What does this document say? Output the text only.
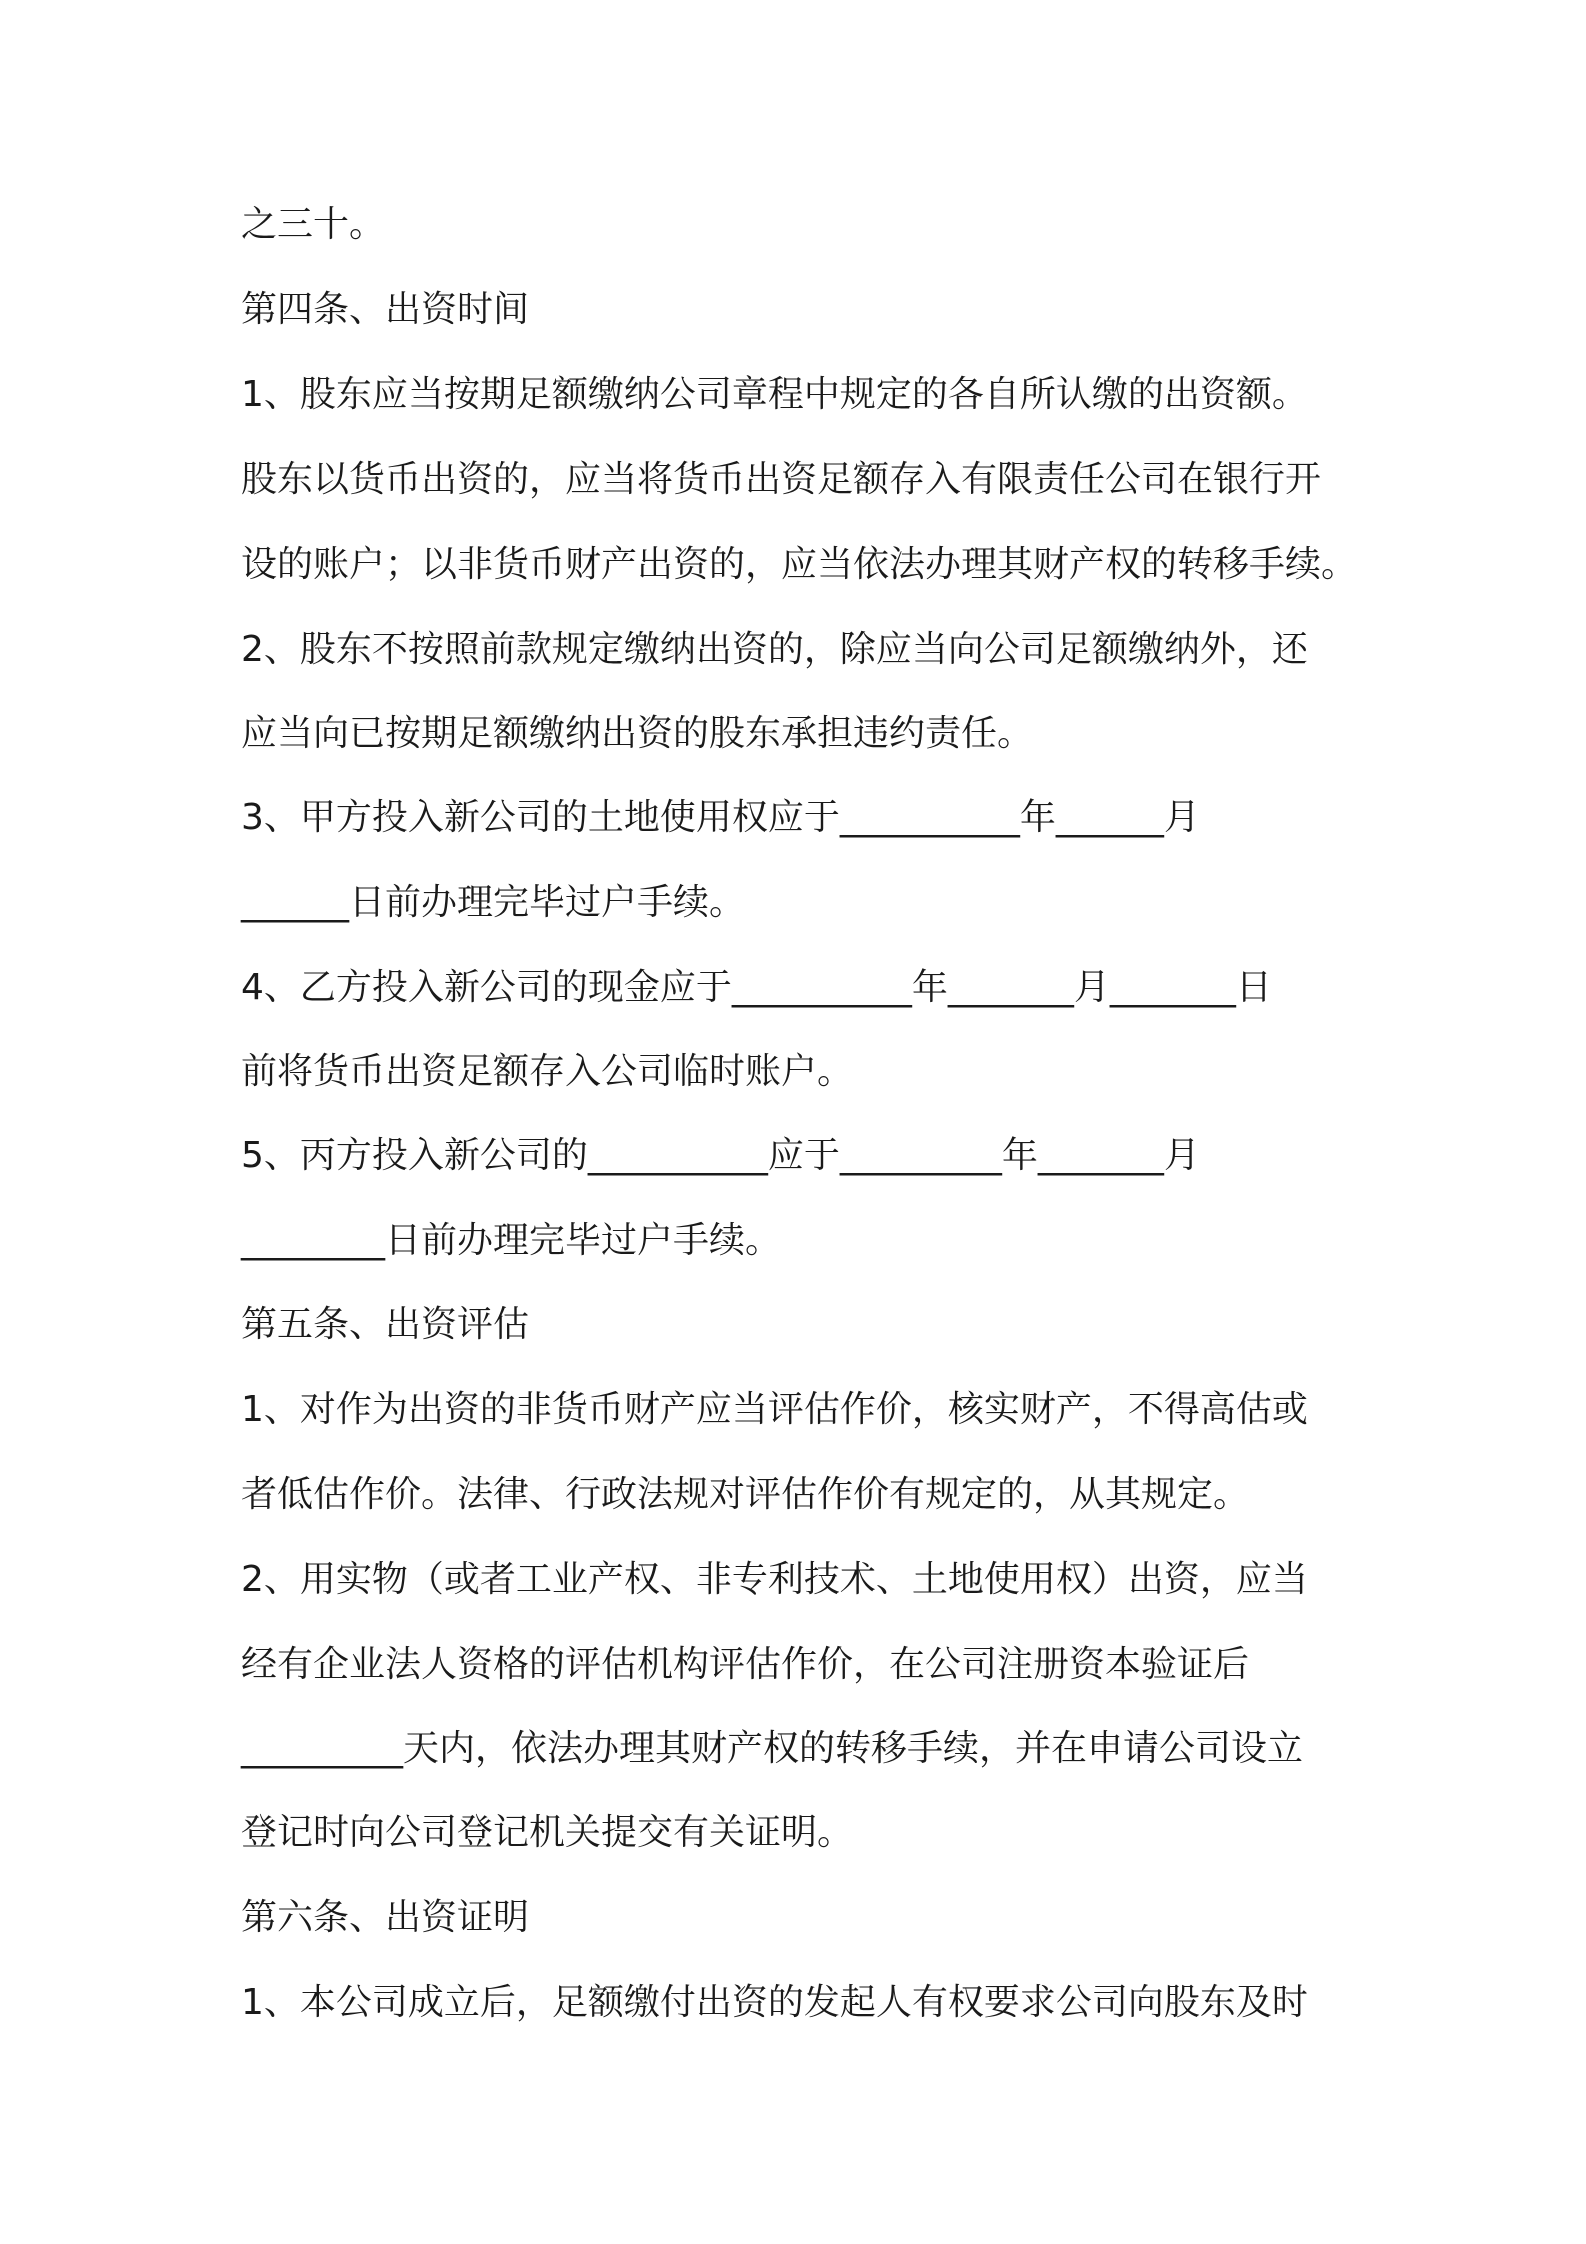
之三十。
第四条、出资时间
1、股东应当按期足额缴纳公司章程中规定的各自所认缴的出资额。
股东以货币出资的，应当将货币出资足额存入有限责任公司在银行开
设的账户；以非货币财产出资的，应当依法办理其财产权的转移手续。
2、股东不按照前款规定缴纳出资的，除应当向公司足额缴纳外，还
应当向已按期足额缴纳出资的股东承担违约责任。
3、甲方投入新公司的土地使用权应于__________年______月
______日前办理完毕过户手续。
4、乙方投入新公司的现金应于__________年_______月_______日
前将货币出资足额存入公司临时账户。
5、丙方投入新公司的__________应于_________年_______月
________日前办理完毕过户手续。
第五条、出资评估
1、对作为出资的非货币财产应当评估作价，核实财产，不得高估或
者低估作价。法律、行政法规对评估作价有规定的，从其规定。
2、用实物（或者工业产权、非专利技术、土地使用权）出资，应当
经有企业法人资格的评估机构评估作价，在公司注册资本验证后
_________天内，依法办理其财产权的转移手续，并在申请公司设立
登记时向公司登记机关提交有关证明。
第六条、出资证明
1、本公司成立后，足额缴付出资的发起人有权要求公司向股东及时
